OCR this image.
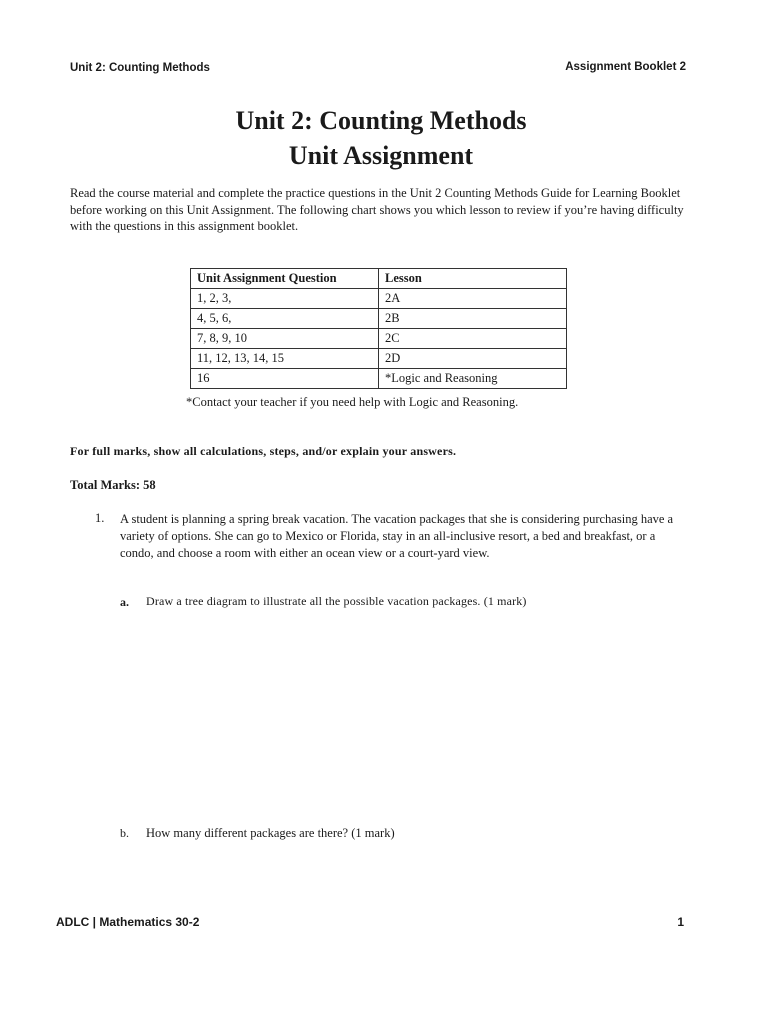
Unit 2: Counting Methods	Assignment Booklet 2
Unit 2: Counting Methods
Unit Assignment
Read the course material and complete the practice questions in the Unit 2 Counting Methods Guide for Learning Booklet before working on this Unit Assignment. The following chart shows you which lesson to review if you’re having difficulty with the questions in this assignment booklet.
Unit Assignment Question	Lesson
1, 2, 3,	2A
4, 5, 6,	2B
7, 8, 9, 10	2C
11, 12, 13, 14, 15	2D
16	*Logic and Reasoning
*Contact your teacher if you need help with Logic and Reasoning.
For full marks, show all calculations, steps, and/or explain your answers.
Total Marks: 58
1. A student is planning a spring break vacation. The vacation packages that she is considering purchasing have a variety of options. She can go to Mexico or Florida, stay in an all-inclusive resort, a bed and breakfast, or a condo, and choose a room with either an ocean view or a court-yard view.
a. Draw a tree diagram to illustrate all the possible vacation packages. (1 mark)
b. How many different packages are there? (1 mark)
ADLC | Mathematics 30-2	1
